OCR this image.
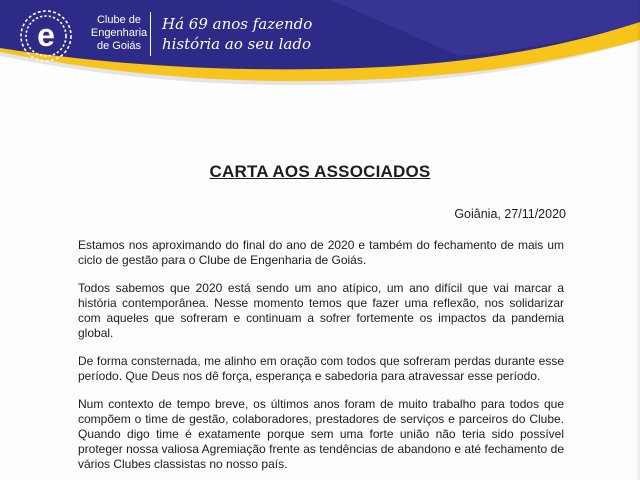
e	Clube de
Engenharia
de Goiás
Há 69 anos fazendo
história ao seu lado
CARTA AOS ASSOCIADOS
Goiânia, 27/11/2020

Estamos nos aproximando do final do ano de 2020 e também do fechamento de mais um ciclo de gestão para o Clube de Engenharia de Goiás.

Todos sabemos que 2020 está sendo um ano atípico, um ano difícil que vai marcar a história contemporânea. Nesse momento temos que fazer uma reflexão, nos solidarizar com aqueles que sofreram e continuam a sofrer fortemente os impactos da pandemia global.

De forma consternada, me alinho em oração com todos que sofreram perdas durante esse período. Que Deus nos dê força, esperança e sabedoria para atravessar esse período.

Num contexto de tempo breve, os últimos anos foram de muito trabalho para todos que compõem o time de gestão, colaboradores, prestadores de serviços e parceiros do Clube. Quando digo time é exatamente porque sem uma forte união não teria sido possível proteger nossa valiosa Agremiação frente as tendências de abandono e até fechamento de vários Clubes classistas no nosso país.
